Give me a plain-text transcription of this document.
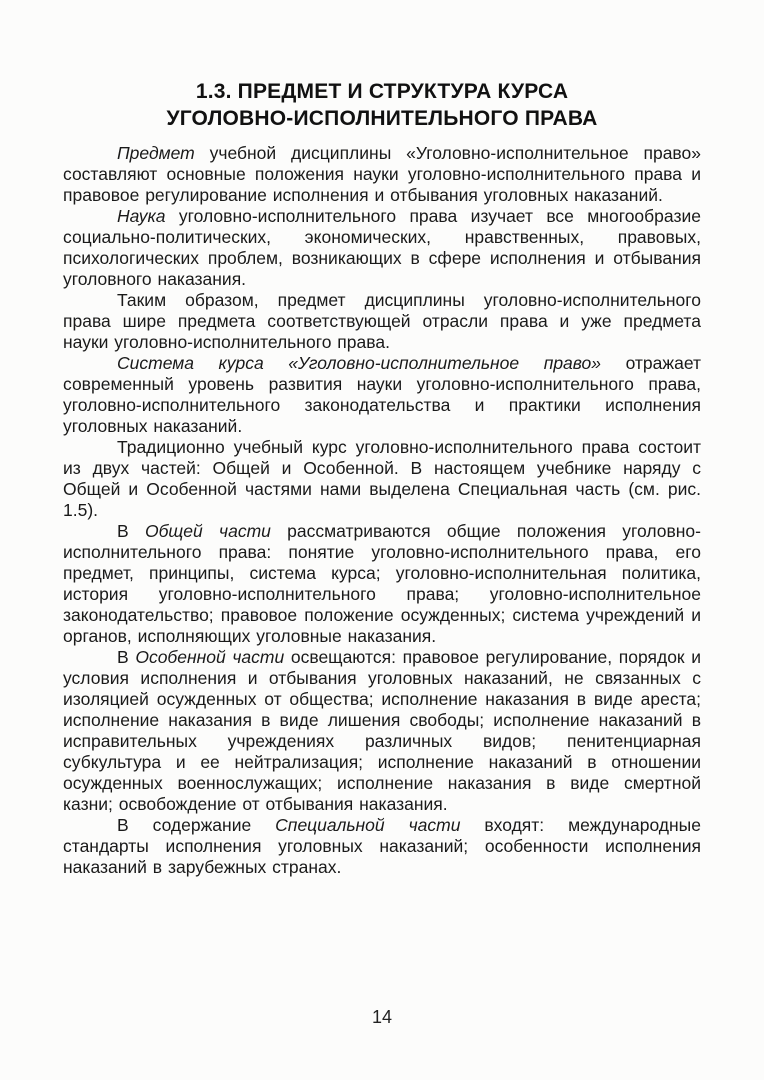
1.3. ПРЕДМЕТ И СТРУКТУРА КУРСА
УГОЛОВНО-ИСПОЛНИТЕЛЬНОГО ПРАВА

Предмет учебной дисциплины «Уголовно-исполнительное право» составляют основные положения науки уголовно-исполнительного права и правовое регулирование исполнения и отбывания уголовных наказаний.

Наука уголовно-исполнительного права изучает все многообразие социально-политических, экономических, нравственных, правовых, психологических проблем, возникающих в сфере исполнения и отбывания уголовного наказания.

Таким образом, предмет дисциплины уголовно-исполнительного права шире предмета соответствующей отрасли права и уже предмета науки уголовно-исполнительного права.

Система курса «Уголовно-исполнительное право» отражает современный уровень развития науки уголовно-исполнительного права, уголовно-исполнительного законодательства и практики исполнения уголовных наказаний.

Традиционно учебный курс уголовно-исполнительного права состоит из двух частей: Общей и Особенной. В настоящем учебнике наряду с Общей и Особенной частями нами выделена Специальная часть (см. рис. 1.5).

В Общей части рассматриваются общие положения уголовно-исполнительного права: понятие уголовно-исполнительного права, его предмет, принципы, система курса; уголовно-исполнительная политика, история уголовно-исполнительного права; уголовно-исполнительное законодательство; правовое положение осужденных; система учреждений и органов, исполняющих уголовные наказания.

В Особенной части освещаются: правовое регулирование, порядок и условия исполнения и отбывания уголовных наказаний, не связанных с изоляцией осужденных от общества; исполнение наказания в виде ареста; исполнение наказания в виде лишения свободы; исполнение наказаний в исправительных учреждениях различных видов; пенитенциарная субкультура и ее нейтрализация; исполнение наказаний в отношении осужденных военнослужащих; исполнение наказания в виде смертной казни; освобождение от отбывания наказания.

В содержание Специальной части входят: международные стандарты исполнения уголовных наказаний; особенности исполнения наказаний в зарубежных странах.

14
